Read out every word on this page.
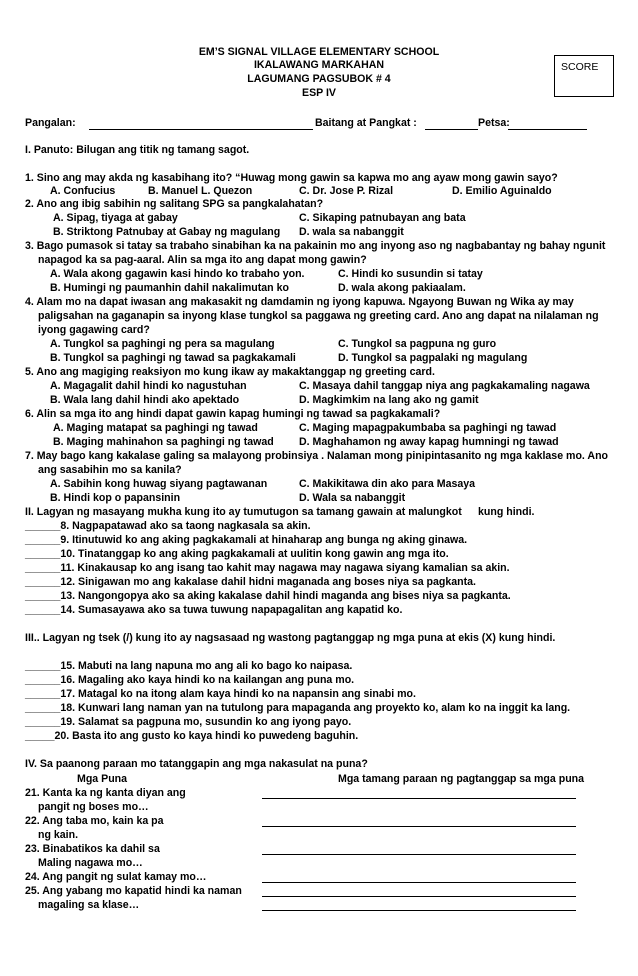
EM’S SIGNAL VILLAGE ELEMENTARY SCHOOL
IKALAWANG MARKAHAN
LAGUMANG PAGSUBOK # 4
ESP IV
SCORE
Pangalan:	Baitang at Pangkat :	Petsa:
I. Panuto: Bilugan ang titik ng tamang sagot.
1. Sino ang may akda ng kasabihang ito? “Huwag mong gawin sa kapwa mo ang ayaw mong gawin sayo?
A. Confucius	B. Manuel L. Quezon	C. Dr. Jose P. Rizal	D. Emilio Aguinaldo
2. Ano ang ibig sabihin ng salitang SPG sa pangkalahatan?
A. Sipag, tiyaga at gabay	C. Sikaping patnubayan ang bata
B. Striktong Patnubay at Gabay ng magulang D. wala sa nabanggit
3. Bago pumasok si tatay sa trabaho sinabihan ka na pakainin mo ang inyong aso ng nagbabantay ng bahay ngunit
napagod ka sa pag-aaral. Alin sa mga ito ang dapat mong gawin?
A. Wala akong gagawin kasi hindo ko trabaho yon.	C. Hindi ko susundin si tatay
B. Humingi ng paumanhin dahil nakalimutan ko	D. wala akong pakiaalam.
4. Alam mo na dapat iwasan ang makasakit ng damdamin ng iyong kapuwa. Ngayong Buwan ng Wika ay may
paligsahan na gaganapin sa inyong klase tungkol sa paggawa ng greeting card. Ano ang dapat na nilalaman ng
iyong gagawing card?
A. Tungkol sa paghingi ng pera sa magulang	C. Tungkol sa pagpuna ng guro
B. Tungkol sa paghingi ng tawad sa pagkakamali	D. Tungkol sa pagpalaki ng magulang
5. Ano ang magiging reaksiyon mo kung ikaw ay makaktanggap ng greeting card.
A. Magagalit dahil hindi ko nagustuhan	C. Masaya dahil tanggap niya ang pagkakamaling nagawa
B. Wala lang dahil hindi ako apektado	D. Magkimkim na lang ako ng gamit
6. Alin sa mga ito ang hindi dapat gawin kapag humingi ng tawad sa pagkakamali?
A. Maging matapat sa paghingi ng tawad	C. Maging mapagpakumbaba sa paghingi ng tawad
B. Maging mahinahon sa paghingi ng tawad D. Maghahamon ng away kapag humningi ng tawad
7. May bago kang kakalase galing sa malayong probinsiya . Nalaman mong pinipintasanito ng mga kaklase mo. Ano
ang sasabihin mo sa kanila?
A. Sabihin kong huwag siyang pagtawanan	C. Makikitawa din ako para Masaya
B. Hindi kop o papansinin	D. Wala sa nabanggit
II. Lagyan ng masayang mukha kung ito ay tumutugon sa tamang gawain at malungkot kung hindi.
______8. Nagpapatawad ako sa taong nagkasala sa akin.
______9. Itinutuwid ko ang aking pagkakamali at hinaharap ang bunga ng aking ginawa.
______10. Tinatanggap ko ang aking pagkakamali at uulitin kong gawin ang mga ito.
______11. Kinakausap ko ang isang tao kahit may nagawa may nagawa siyang kamalian sa akin.
______12. Sinigawan mo ang kakalase dahil hidni maganada ang boses niya sa pagkanta.
______13. Nangongopya ako sa aking kakalase dahil hindi maganda ang bises niya sa pagkanta.
______14. Sumasayawa ako sa tuwa tuwung napapagalitan ang kapatid ko.
III.. Lagyan ng tsek (/) kung ito ay nagsasaad ng wastong pagtanggap ng mga puna at ekis (X) kung hindi.
______15. Mabuti na lang napuna mo ang ali ko bago ko naipasa.
______16. Magaling ako kaya hindi ko na kailangan ang puna mo.
______17. Matagal ko na itong alam kaya hindi ko na napansin ang sinabi mo.
______18. Kunwari lang naman yan na tutulong para mapaganda ang proyekto ko, alam ko na inggit ka lang.
______19. Salamat sa pagpuna mo, susundin ko ang iyong payo.
_____20. Basta ito ang gusto ko kaya hindi ko puwedeng baguhin.
IV. Sa paanong paraan mo tatanggapin ang mga nakasulat na puna?
Mga Puna	Mga tamang paraan ng pagtanggap sa mga puna
21. Kanta ka ng kanta diyan ang
pangit ng boses mo…
22. Ang taba mo, kain ka pa
ng kain.
23. Binabatikos ka dahil sa
Maling nagawa mo…
24. Ang pangit ng sulat kamay mo…
25. Ang yabang mo kapatid hindi ka naman
magaling sa klase…
